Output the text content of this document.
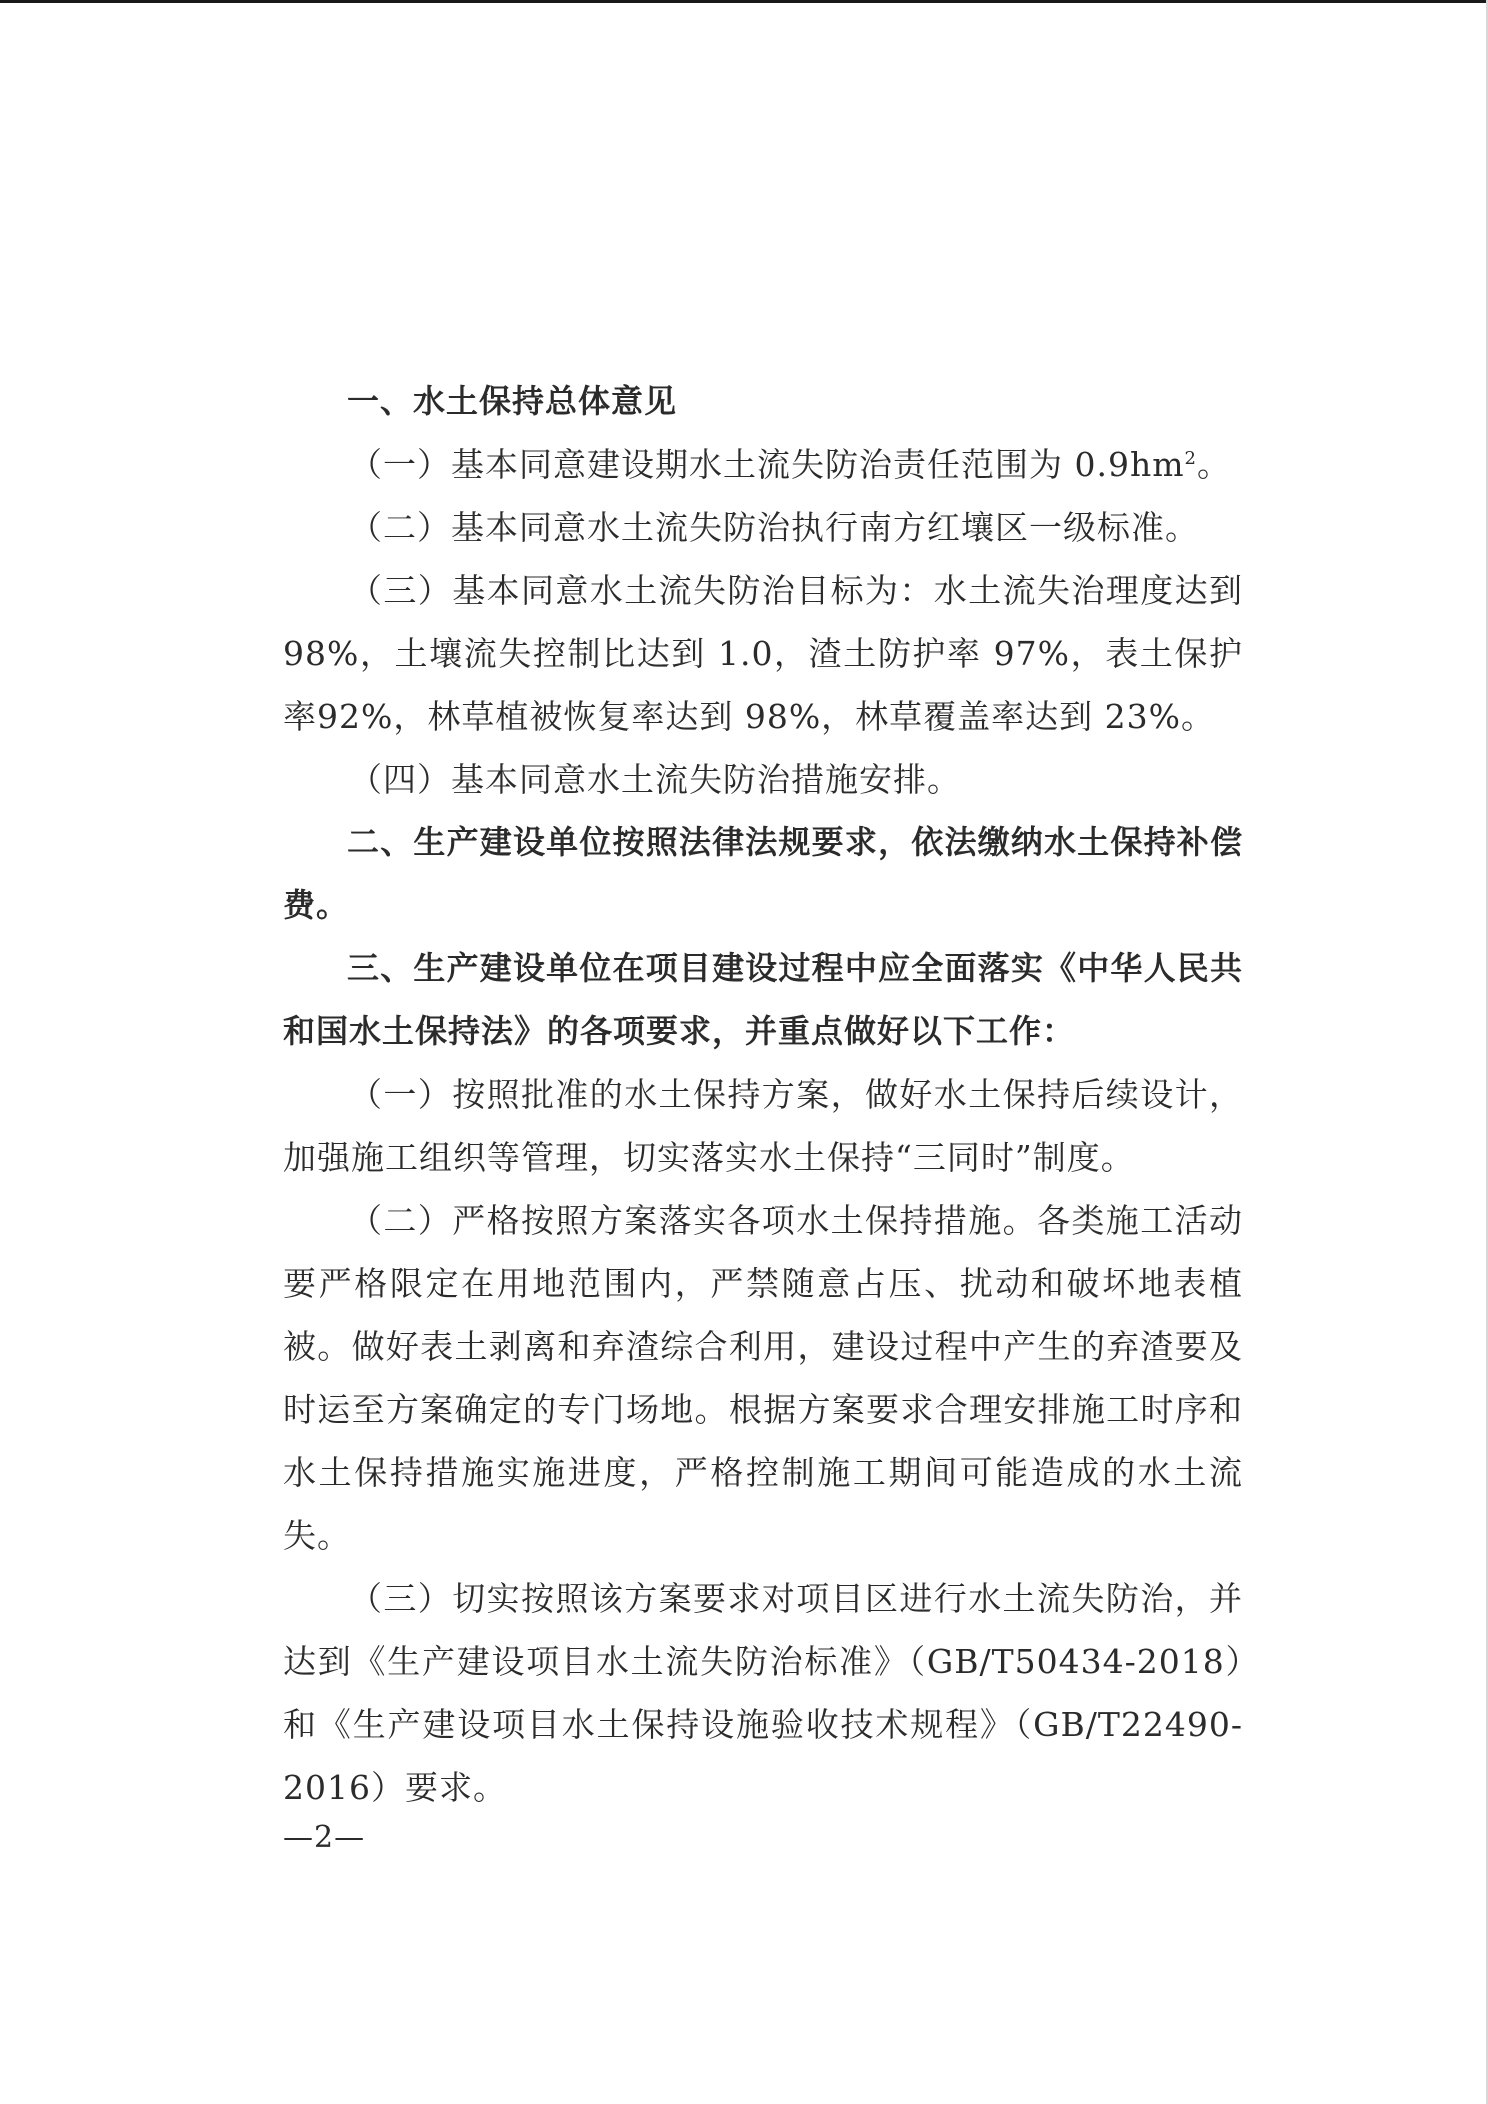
一、水土保持总体意见

（一）基本同意建设期水土流失防治责任范围为 $0.9hm^2$。

（二）基本同意水土流失防治执行南方红壤区一级标准。

（三）基本同意水土流失防治目标为：水土流失治理度达到98%，土壤流失控制比达到 1.0，渣土防护率 97%，表土保护率92%，林草植被恢复率达到 98%，林草覆盖率达到 23%。

（四）基本同意水土流失防治措施安排。

二、生产建设单位按照法律法规要求，依法缴纳水土保持补偿费。

三、生产建设单位在项目建设过程中应全面落实《中华人民共和国水土保持法》的各项要求，并重点做好以下工作：

（一）按照批准的水土保持方案，做好水土保持后续设计，加强施工组织等管理，切实落实水土保持“三同时”制度。

（二）严格按照方案落实各项水土保持措施。各类施工活动要严格限定在用地范围内，严禁随意占压、扰动和破坏地表植被。做好表土剥离和弃渣综合利用，建设过程中产生的弃渣要及时运至方案确定的专门场地。根据方案要求合理安排施工时序和水土保持措施实施进度，严格控制施工期间可能造成的水土流失。

（三）切实按照该方案要求对项目区进行水土流失防治，并达到《生产建设项目水土流失防治标准》（GB/T50434-2018）和《生产建设项目水土保持设施验收技术规程》（GB/T22490-2016）要求。

—2—
